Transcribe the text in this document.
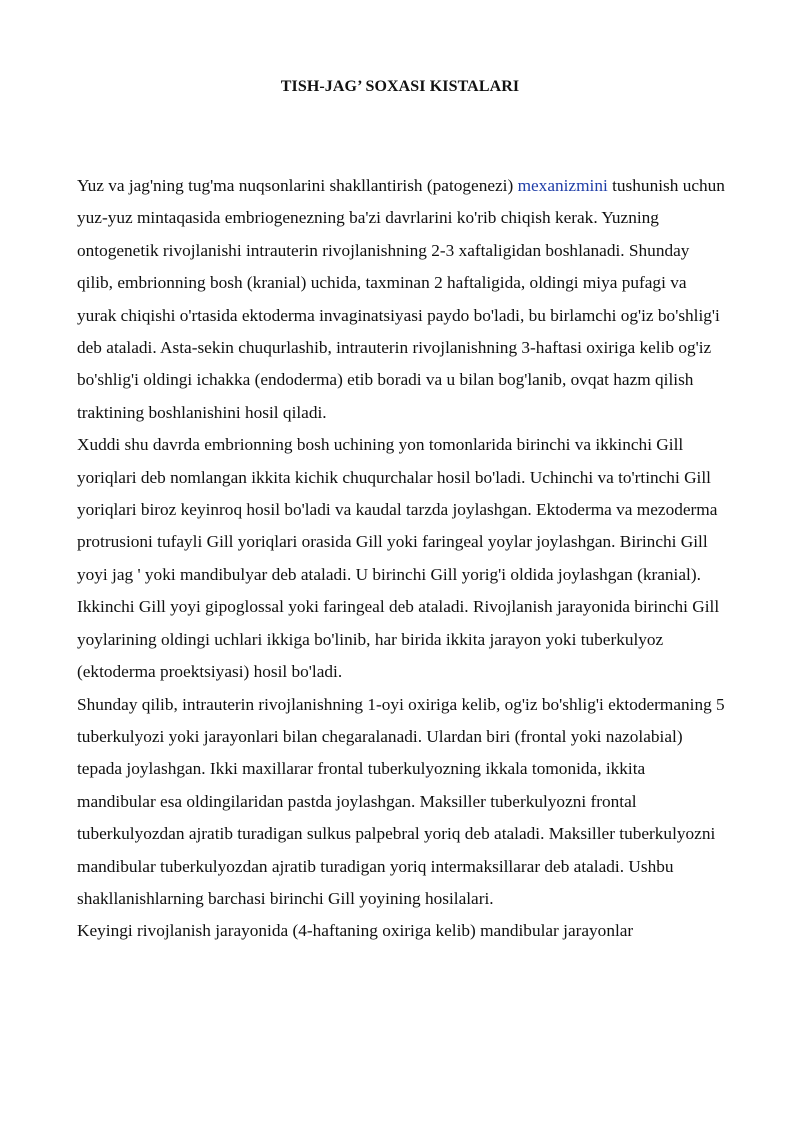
TISH-JAG’ SOXASI KISTALARI

Yuz va jag'ning tug'ma nuqsonlarini shakllantirish (patogenezi) mexanizmini tushunish uchun yuz-yuz mintaqasida embriogenezning ba'zi davrlarini ko'rib chiqish kerak. Yuzning ontogenetik rivojlanishi intrauterin rivojlanishning 2-3 xaftaligidan boshlanadi. Shunday qilib, embrionning bosh (kranial) uchida, taxminan 2 haftaligida, oldingi miya pufagi va yurak chiqishi o'rtasida ektoderma invaginatsiyasi paydo bo'ladi, bu birlamchi og'iz bo'shlig'i deb ataladi. Asta-sekin chuqurlashib, intrauterin rivojlanishning 3-haftasi oxiriga kelib og'iz bo'shlig'i oldingi ichakka (endoderma) etib boradi va u bilan bog'lanib, ovqat hazm qilish traktining boshlanishini hosil qiladi.

Xuddi shu davrda embrionning bosh uchining yon tomonlarida birinchi va ikkinchi Gill yoriqlari deb nomlangan ikkita kichik chuqurchalar hosil bo'ladi. Uchinchi va to'rtinchi Gill yoriqlari biroz keyinroq hosil bo'ladi va kaudal tarzda joylashgan. Ektoderma va mezoderma protrusioni tufayli Gill yoriqlari orasida Gill yoki faringeal yoylar joylashgan. Birinchi Gill yoyi jag ' yoki mandibulyar deb ataladi. U birinchi Gill yorig'i oldida joylashgan (kranial). Ikkinchi Gill yoyi gipoglossal yoki faringeal deb ataladi. Rivojlanish jarayonida birinchi Gill yoylarining oldingi uchlari ikkiga bo'linib, har birida ikkita jarayon yoki tuberkulyoz (ektoderma proektsiyasi) hosil bo'ladi.

Shunday qilib, intrauterin rivojlanishning 1-oyi oxiriga kelib, og'iz bo'shlig'i ektodermaning 5 tuberkulyozi yoki jarayonlari bilan chegaralanadi. Ulardan biri (frontal yoki nazolabial) tepada joylashgan. Ikki maxillarar frontal tuberkulyozning ikkala tomonida, ikkita mandibular esa oldingilaridan pastda joylashgan. Maksiller tuberkulyozni frontal tuberkulyozdan ajratib turadigan sulkus palpebral yoriq deb ataladi. Maksiller tuberkulyozni mandibular tuberkulyozdan ajratib turadigan yoriq intermaksillarar deb ataladi. Ushbu shakllanishlarning barchasi birinchi Gill yoyining hosilalari.

Keyingi rivojlanish jarayonida (4-haftaning oxiriga kelib) mandibular jarayonlar
